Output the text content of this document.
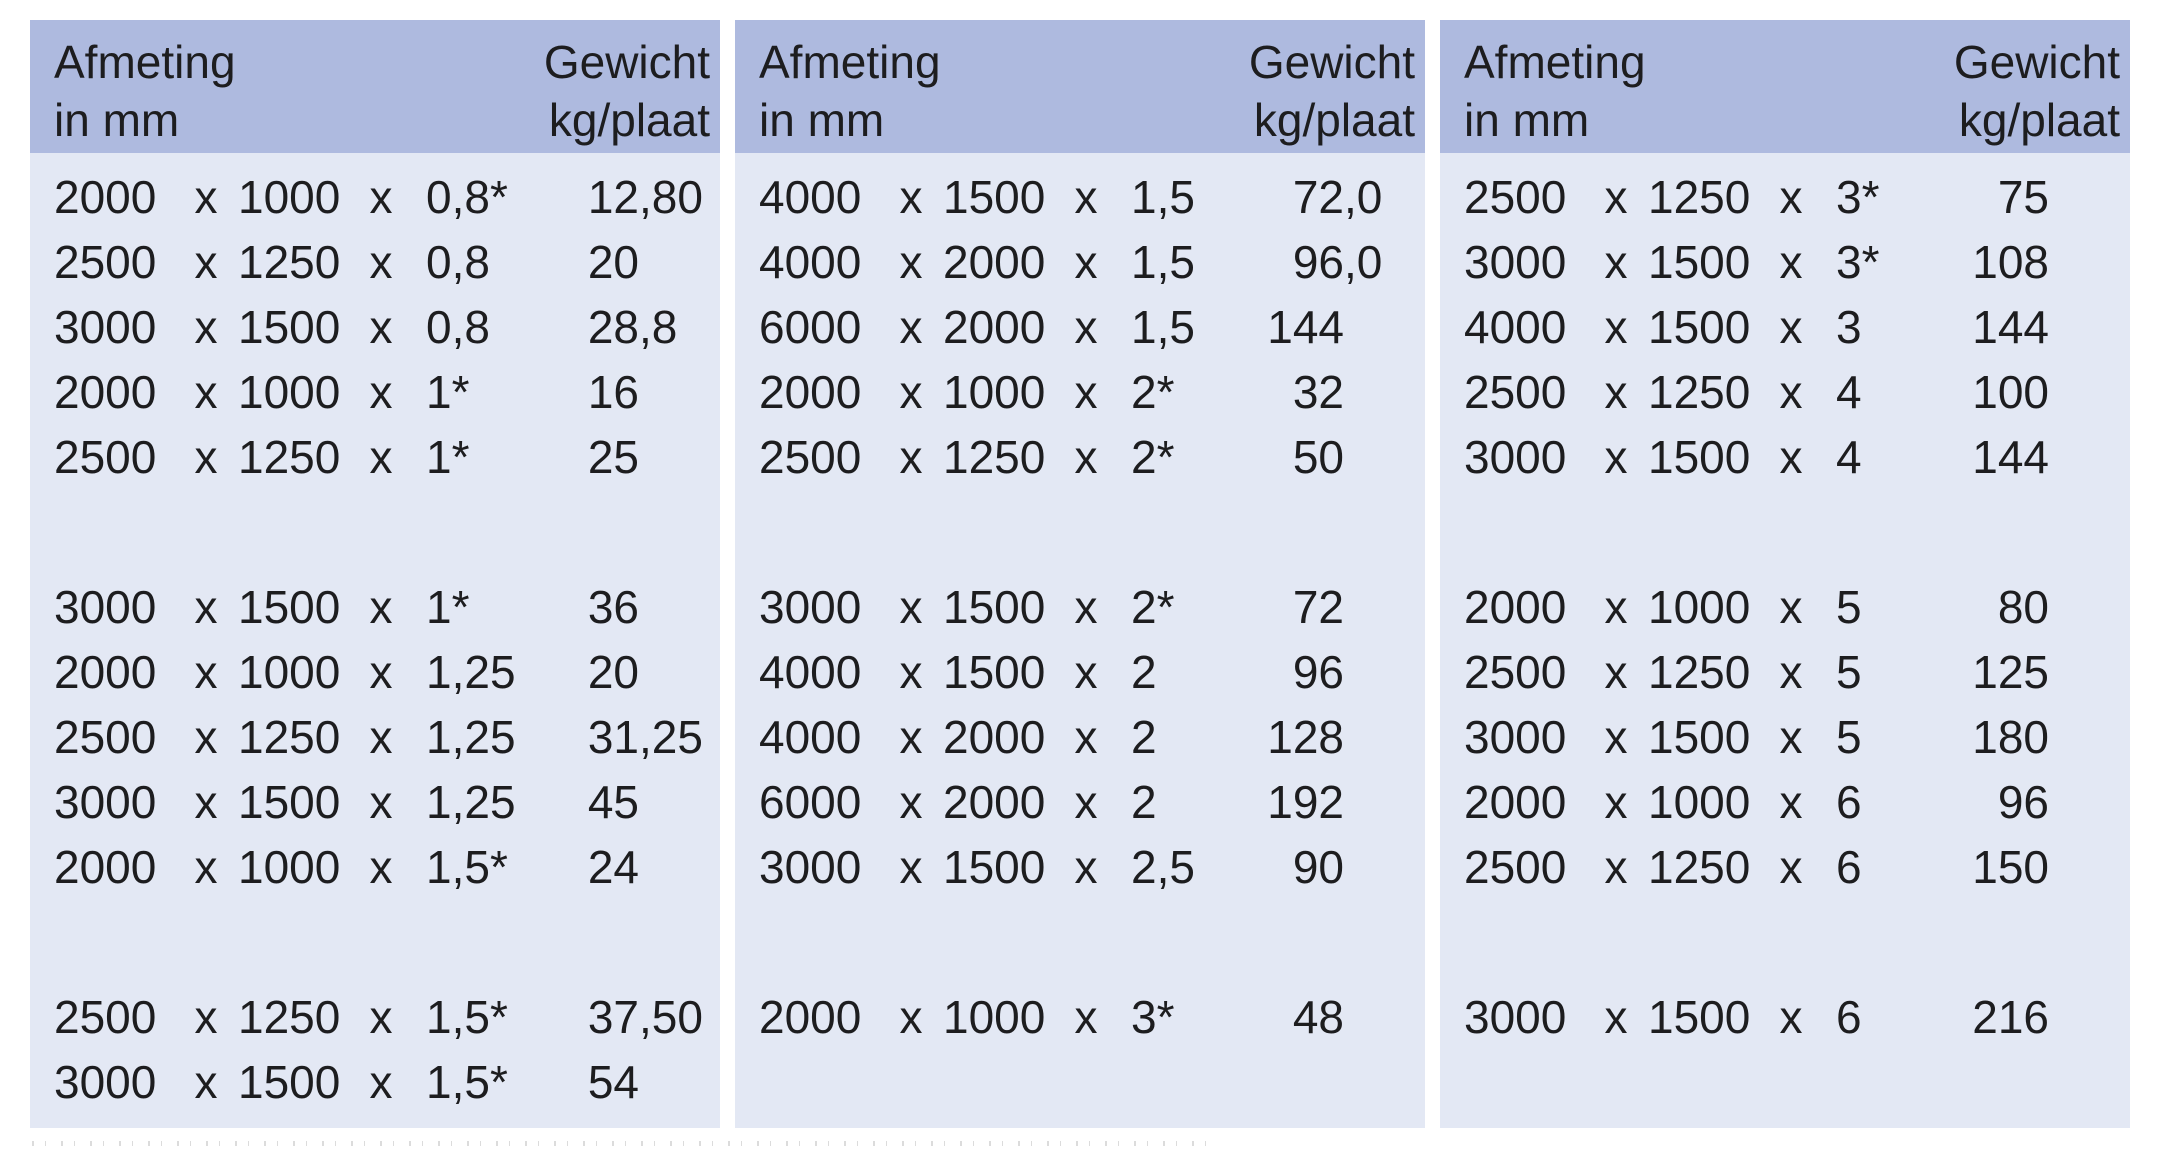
Afmeting
in mm
Gewicht
kg/plaat
2000 x 1000 x 0,8*	12 ,80
2500 x 1250 x 0,8	20
3000 x 1500 x 0,8	28 ,8
2000 x 1000 x 1*	16
2500 x 1250 x 1*	25
3000 x 1500 x 1*	36
2000 x 1000 x 1,25	20
2500 x 1250 x 1,25	31 ,25
3000 x 1500 x 1,25	45
2000 x 1000 x 1,5*	24
2500 x 1250 x 1,5*	37 ,50
3000 x 1500 x 1,5*	54
Afmeting
in mm
Gewicht
kg/plaat
4000 x 1500 x 1,5	72 ,0
4000 x 2000 x 1,5	96 ,0
6000 x 2000 x 1,5	144
2000 x 1000 x 2*	32
2500 x 1250 x 2*	50
3000 x 1500 x 2*	72
4000 x 1500 x 2	96
4000 x 2000 x 2	128
6000 x 2000 x 2	192
3000 x 1500 x 2,5	90
2000 x 1000 x 3*	48
Afmeting
in mm
Gewicht
kg/plaat
2500 x 1250 x 3*	75
3000 x 1500 x 3*	108
4000 x 1500 x 3	144
2500 x 1250 x 4	100
3000 x 1500 x 4	144
2000 x 1000 x 5	80
2500 x 1250 x 5	125
3000 x 1500 x 5	180
2000 x 1000 x 6	96
2500 x 1250 x 6	150
3000 x 1500 x 6	216
